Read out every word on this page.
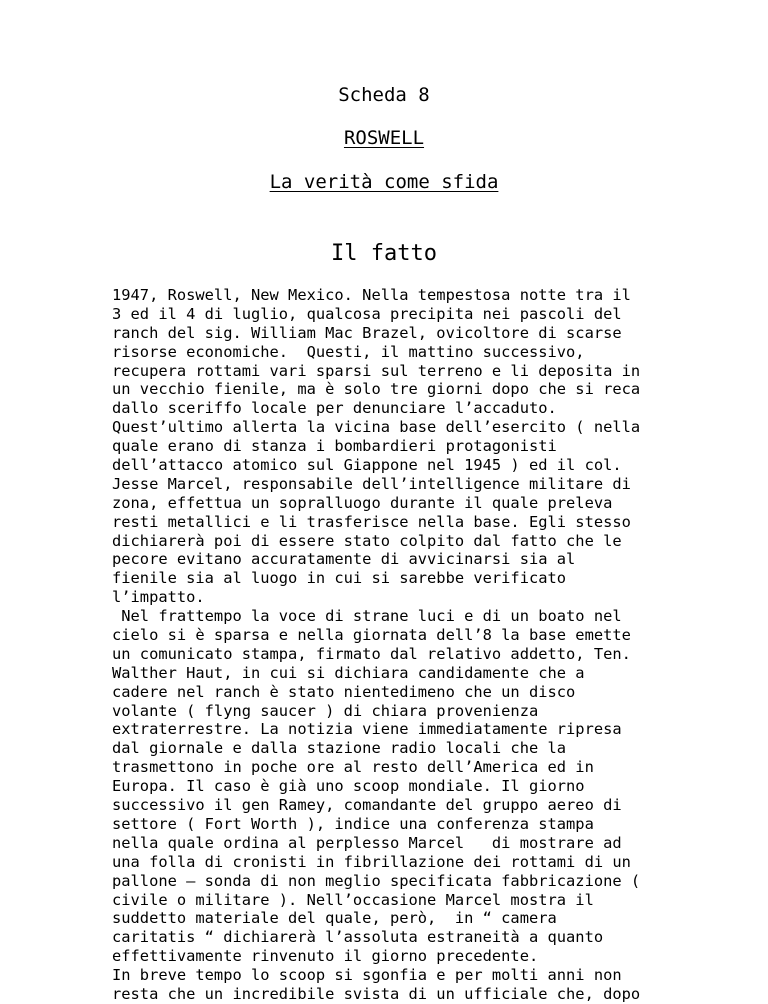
Scheda 8

ROSWELL

La verità come sfida

Il fatto

1947, Roswell, New Mexico. Nella tempestosa notte tra il
3 ed il 4 di luglio, qualcosa precipita nei pascoli del
ranch del sig. William Mac Brazel, ovicoltore di scarse
risorse economiche.  Questi, il mattino successivo,
recupera rottami vari sparsi sul terreno e li deposita in
un vecchio fienile, ma è solo tre giorni dopo che si reca
dallo sceriffo locale per denunciare l’accaduto.
Quest’ultimo allerta la vicina base dell’esercito ( nella
quale erano di stanza i bombardieri protagonisti
dell’attacco atomico sul Giappone nel 1945 ) ed il col.
Jesse Marcel, responsabile dell’intelligence militare di
zona, effettua un sopralluogo durante il quale preleva
resti metallici e li trasferisce nella base. Egli stesso
dichiarerà poi di essere stato colpito dal fatto che le
pecore evitano accuratamente di avvicinarsi sia al
fienile sia al luogo in cui si sarebbe verificato
l’impatto.
Nel frattempo la voce di strane luci e di un boato nel
cielo si è sparsa e nella giornata dell’8 la base emette
un comunicato stampa, firmato dal relativo addetto, Ten.
Walther Haut, in cui si dichiara candidamente che a
cadere nel ranch è stato nientedimeno che un disco
volante ( flyng saucer ) di chiara provenienza
extraterrestre. La notizia viene immediatamente ripresa
dal giornale e dalla stazione radio locali che la
trasmettono in poche ore al resto dell’America ed in
Europa. Il caso è già uno scoop mondiale. Il giorno
successivo il gen Ramey, comandante del gruppo aereo di
settore ( Fort Worth ), indice una conferenza stampa
nella quale ordina al perplesso Marcel   di mostrare ad
una folla di cronisti in fibrillazione dei rottami di un
pallone – sonda di non meglio specificata fabbricazione (
civile o militare ). Nell’occasione Marcel mostra il
suddetto materiale del quale, però,  in “ camera
caritatis “ dichiarerà l’assoluta estraneità a quanto
effettivamente rinvenuto il giorno precedente.
In breve tempo lo scoop si sgonfia e per molti anni non
resta che un incredibile svista di un ufficiale che, dopo
